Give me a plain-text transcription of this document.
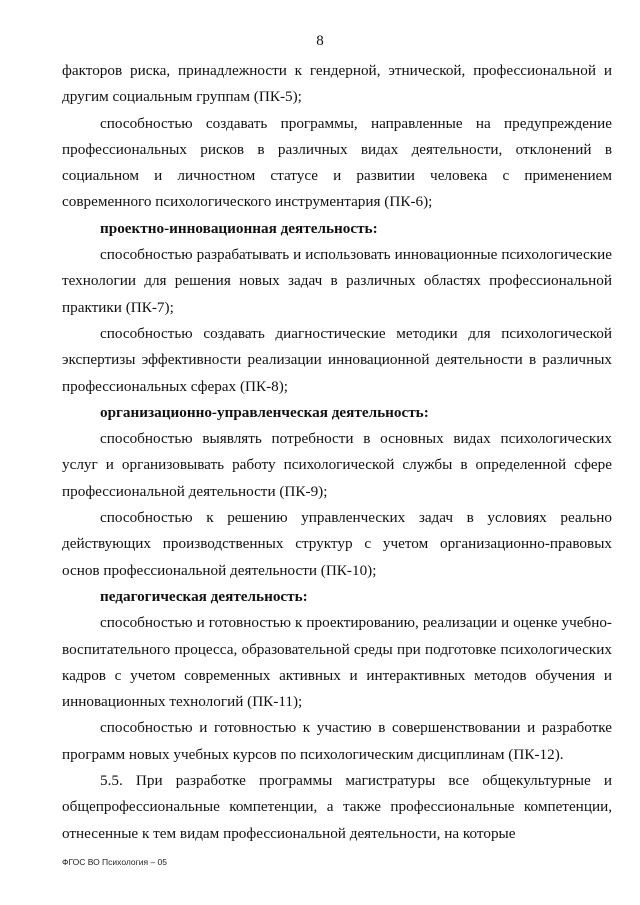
8

факторов риска, принадлежности к гендерной, этнической, профессиональной и другим социальным группам (ПК-5);

способностью создавать программы, направленные на предупреждение профессиональных рисков в различных видах деятельности, отклонений в социальном и личностном статусе и развитии человека с применением современного психологического инструментария (ПК-6);

проектно-инновационная деятельность:

способностью разрабатывать и использовать инновационные психологические технологии для решения новых задач в различных областях профессиональной практики (ПК-7);

способностью создавать диагностические методики для психологической экспертизы эффективности реализации инновационной деятельности в различных профессиональных сферах (ПК-8);

организационно-управленческая деятельность:

способностью выявлять потребности в основных видах психологических услуг и организовывать работу психологической службы в определенной сфере профессиональной деятельности (ПК-9);

способностью к решению управленческих задач в условиях реально действующих производственных структур с учетом организационно-правовых основ профессиональной деятельности (ПК-10);

педагогическая деятельность:

способностью и готовностью к проектированию, реализации и оценке учебно-воспитательного процесса, образовательной среды при подготовке психологических кадров с учетом современных активных и интерактивных методов обучения и инновационных технологий (ПК-11);

способностью и готовностью к участию в совершенствовании и разработке программ новых учебных курсов по психологическим дисциплинам (ПК-12).

5.5. При разработке программы магистратуры все общекультурные и общепрофессиональные компетенции, а также профессиональные компетенции, отнесенные к тем видам профессиональной деятельности, на которые

ФГОС ВО Психология – 05
